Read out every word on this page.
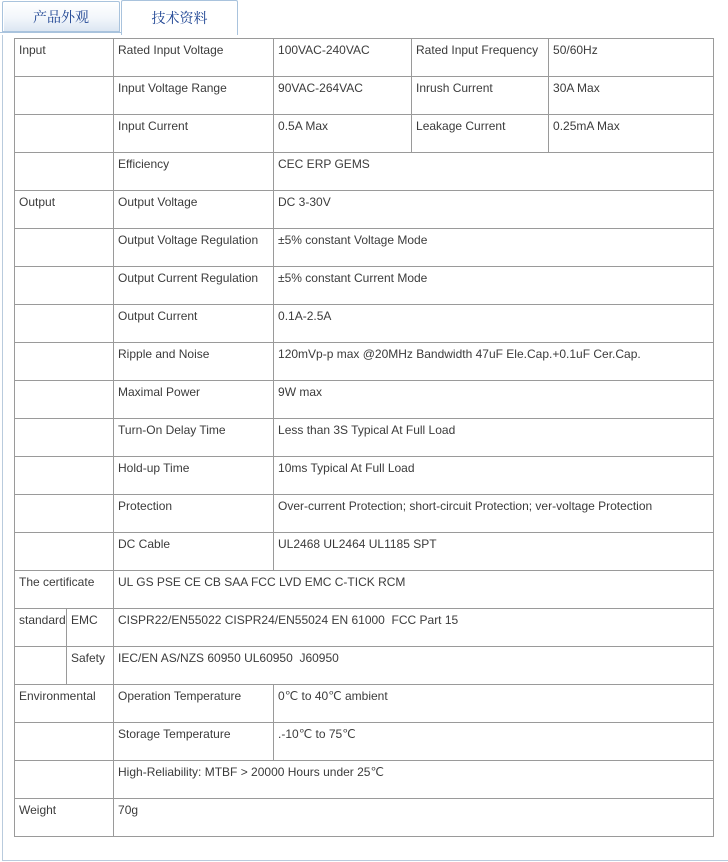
产品外观	技术资料
Input		Rated Input Voltage	100VAC-240VAC	Rated Input Frequency	50/60Hz
		Input Voltage Range	90VAC-264VAC	Inrush Current	30A Max
		Input Current	0.5A Max	Leakage Current	0.25mA Max
		Efficiency	CEC ERP GEMS		
Output		Output Voltage	DC 3-30V		
		Output Voltage Regulation	±5% constant Voltage Mode		
		Output Current Regulation	±5% constant Current Mode		
		Output Current	0.1A-2.5A		
		Ripple and Noise	120mVp-p max @20MHz Bandwidth 47uF Ele.Cap.+0.1uF Cer.Cap.		
		Maximal Power	9W max		
		Turn-On Delay Time	Less than 3S Typical At Full Load		
		Hold-up Time	10ms Typical At Full Load		
		Protection	Over-current Protection; short-circuit Protection; ver-voltage Protection		
		DC Cable	UL2468 UL2464 UL1185 SPT		
The certificate		UL GS PSE CE CB SAA FCC LVD EMC C-TICK RCM			
standard	EMC	CISPR22/EN55022 CISPR24/EN55024 EN 61000  FCC Part 15			
	Safety	IEC/EN AS/NZS 60950 UL60950  J60950			
Environmental		Operation Temperature	0℃ to 40℃ ambient		
		Storage Temperature	.-10℃ to 75℃		
		High-Reliability: MTBF > 20000 Hours under 25℃			
Weight		70g			
